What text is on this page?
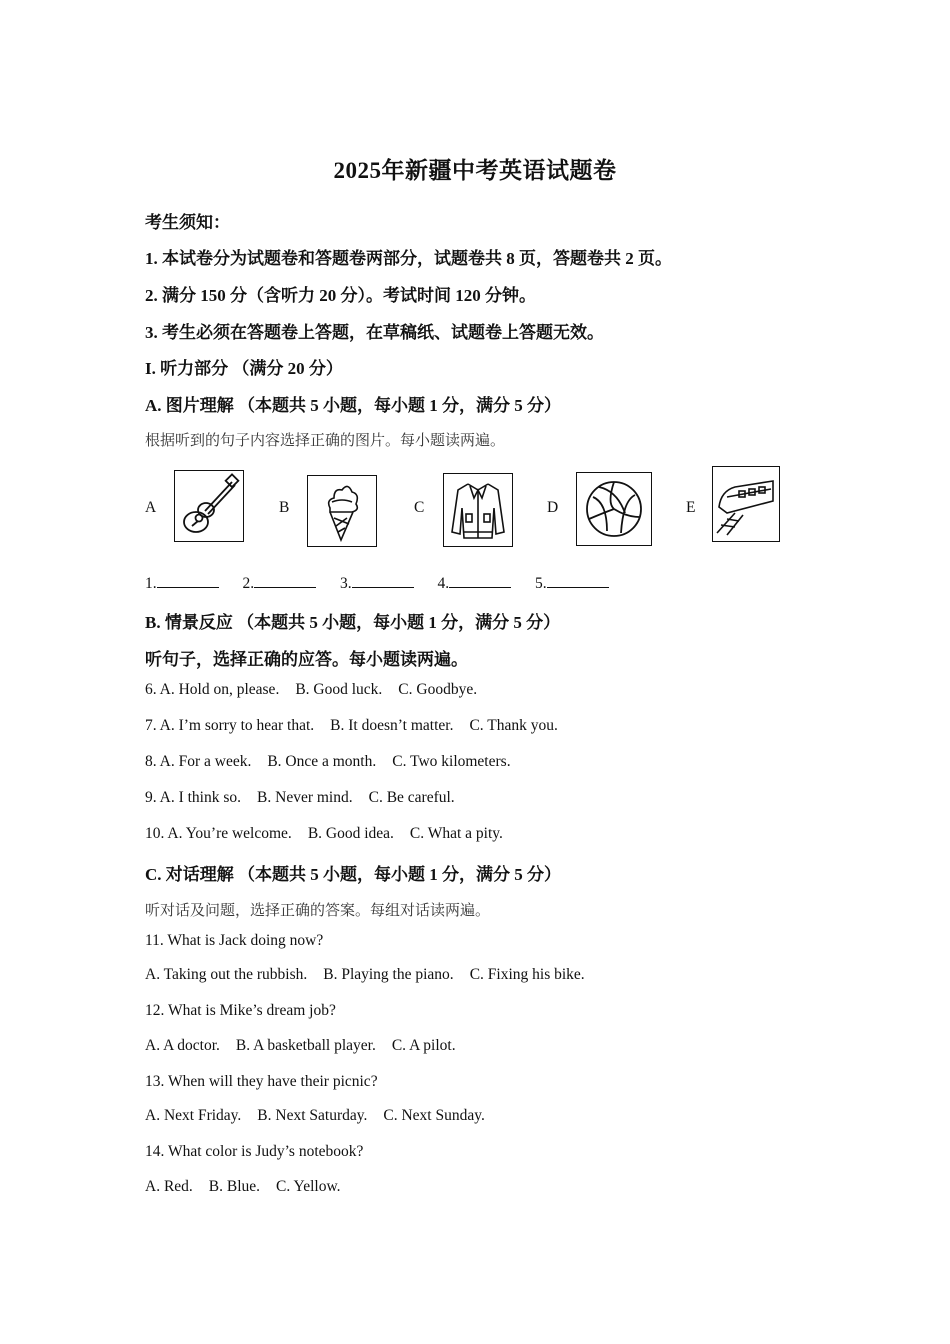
2025年新疆中考英语试题卷
考生须知：
1. 本试卷分为试题卷和答题卷两部分，试题卷共 8 页，答题卷共 2 页。
2. 满分 150 分（含听力 20 分）。考试时间 120 分钟。
3. 考生必须在答题卷上答题，在草稿纸、试题卷上答题无效。
I. 听力部分 （满分 20 分）
A. 图片理解 （本题共 5 小题，每小题 1 分，满分 5 分）
根据听到的句子内容选择正确的图片。每小题读两遍。
A	B	C	D	E
1.	2.	3.	4.	5.
B. 情景反应 （本题共 5 小题，每小题 1 分，满分 5 分）
听句子，选择正确的应答。每小题读两遍。
6. A. Hold on, please. B. Good luck. C. Goodbye.
7. A. I’m sorry to hear that. B. It doesn’t matter. C. Thank you.
8. A. For a week. B. Once a month. C. Two kilometers.
9. A. I think so. B. Never mind. C. Be careful.
10. A. You’re welcome. B. Good idea. C. What a pity.
C. 对话理解 （本题共 5 小题，每小题 1 分，满分 5 分）
听对话及问题，选择正确的答案。每组对话读两遍。
11. What is Jack doing now?
A. Taking out the rubbish. B. Playing the piano. C. Fixing his bike.
12. What is Mike’s dream job?
A. A doctor. B. A basketball player. C. A pilot.
13. When will they have their picnic?
A. Next Friday. B. Next Saturday. C. Next Sunday.
14. What color is Judy’s notebook?
A. Red. B. Blue. C. Yellow.
